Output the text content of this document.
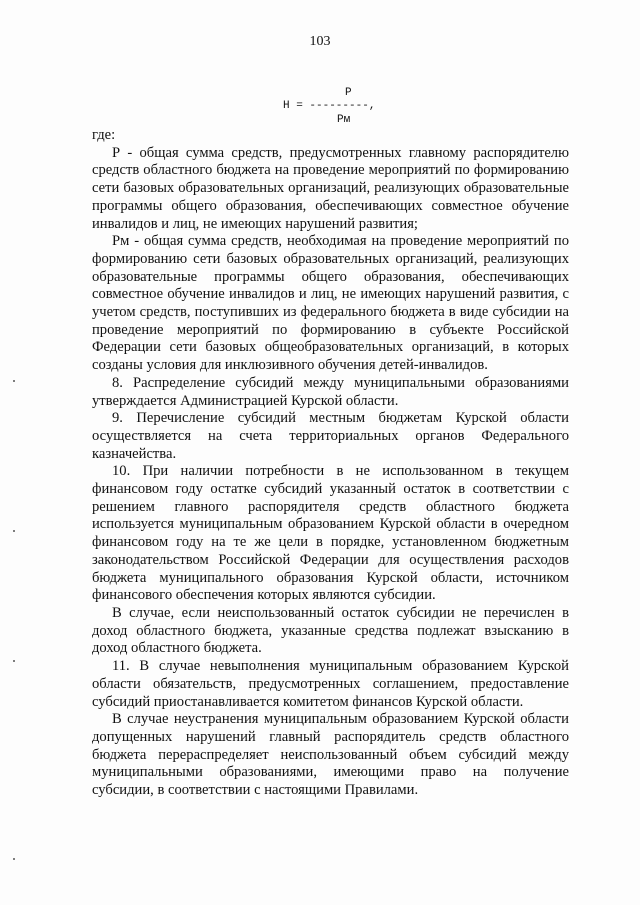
103
P
H = ---------,
Pм

где:

Р - общая сумма средств, предусмотренных главному распорядителю средств областного бюджета на проведение мероприятий по формированию сети базовых образовательных организаций, реализующих образовательные программы общего образования, обеспечивающих совместное обучение инвалидов и лиц, не имеющих нарушений развития;

Рм - общая сумма средств, необходимая на проведение мероприятий по формированию сети базовых образовательных организаций, реализующих образовательные программы общего образования, обеспечивающих совместное обучение инвалидов и лиц, не имеющих нарушений развития, с учетом средств, поступивших из федерального бюджета в виде субсидии на проведение мероприятий по формированию в субъекте Российской Федерации сети базовых общеобразовательных организаций, в которых созданы условия для инклюзивного обучения детей-инвалидов.

8. Распределение субсидий между муниципальными образованиями утверждается Администрацией Курской области.

9. Перечисление субсидий местным бюджетам Курской области осуществляется на счета территориальных органов Федерального казначейства.

10. При наличии потребности в не использованном в текущем финансовом году остатке субсидий указанный остаток в соответствии с решением главного распорядителя средств областного бюджета используется муниципальным образованием Курской области в очередном финансовом году на те же цели в порядке, установленном бюджетным законодательством Российской Федерации для осуществления расходов бюджета муниципального образования Курской области, источником финансового обеспечения которых являются субсидии.

В случае, если неиспользованный остаток субсидии не перечислен в доход областного бюджета, указанные средства подлежат взысканию в доход областного бюджета.

11. В случае невыполнения муниципальным образованием Курской области обязательств, предусмотренных соглашением, предоставление субсидий приостанавливается комитетом финансов Курской области.

В случае неустранения муниципальным образованием Курской области допущенных нарушений главный распорядитель средств областного бюджета перераспределяет неиспользованный объем субсидий между муниципальными образованиями, имеющими право на получение субсидии, в соответствии с настоящими Правилами.
